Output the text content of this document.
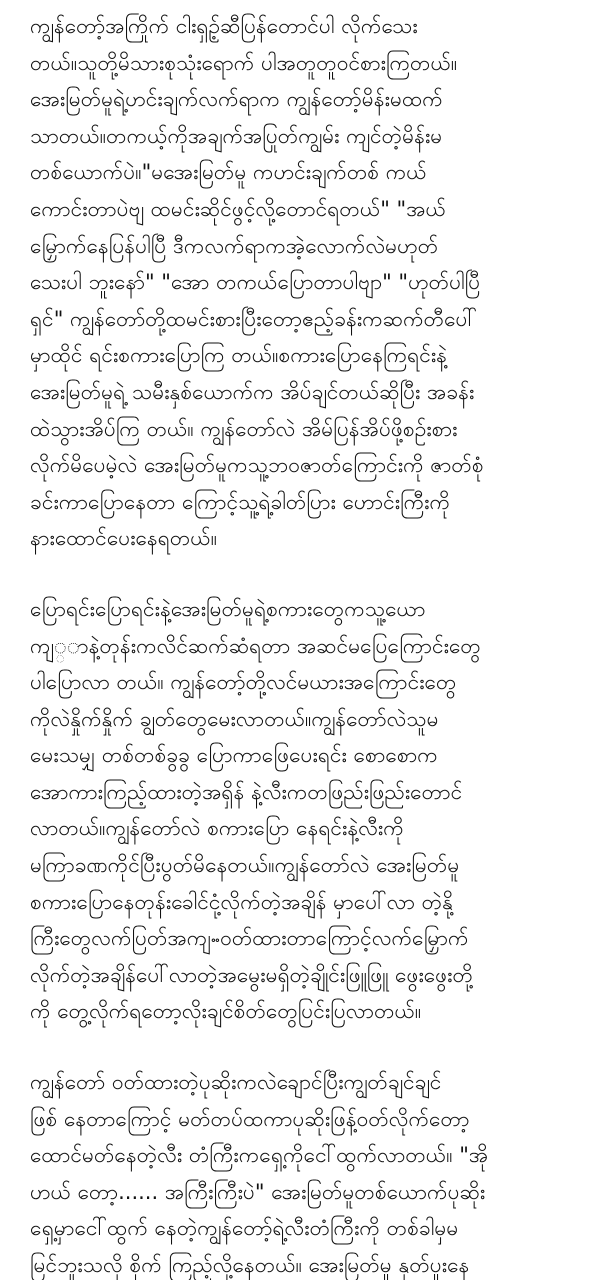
ကျွန်တော့်အကြိုက် ငါးရှဥ့်ဆီပြန်တောင်ပါ လိုက်သေး
တယ်။သူတို့မိသားစုသုံးရောက် ပါအတူတူဝင်စားကြတယ်။
အေးမြတ်မူရဲ့ဟင်းချက်လက်ရာက ကျွန်တော့်မိန်းမထက်
သာတယ်။တကယ့်ကိုအချက်အပြုတ်ကျွမ်း ကျင်တဲ့မိန်းမ
တစ်ယောက်ပဲ။"မအေးမြတ်မူ ကဟင်းချက်တစ် ကယ်
ကောင်းတာပဲဗျ ထမင်းဆိုင်ဖွင့်လို့တောင်ရတယ်" "အယ်
မြှောက်နေပြန်ပါပြီ ဒီကလက်ရာကအဲ့လောက်လဲမဟုတ်
သေးပါ ဘူးနော်" "အော တကယ်ပြောတာပါဗျာ" "ဟုတ်ပါပြီ
ရှင်" ကျွန်တော်တို့ထမင်းစားပြီးတော့ဧည့်ခန်းကဆက်တီပေါ်
မှာထိုင် ရင်းစကားပြောကြ တယ်။စကားပြောနေကြရင်းနဲ့
အေးမြတ်မူရဲ့ သမီးနှစ်ယောက်က အိပ်ချင်တယ်ဆိုပြီး အခန်း
ထဲသွားအိပ်ကြ တယ်။ ကျွန်တော်လဲ အိမ်ပြန်အိပ်ဖို့စဉ်းစား
လိုက်မိပေမဲ့လဲ အေးမြတ်မူကသူ့ဘဝဇာတ်ကြောင်းကို ဇာတ်စုံ
ခင်းကာပြောနေတာ ကြောင့်သူ့ရဲ့ခါတ်ပြား ဟောင်းကြီးကို
နားထောင်ပေးနေရတယ်။
ပြောရင်းပြောရင်းနဲ့အေးမြတ်မူရဲ့စကားတွေကသူ့ယော
ကျ္ာနဲ့တုန်းကလိင်ဆက်ဆံရတာ အဆင်မပြေကြောင်းတွေ
ပါပြောလာ တယ်။ ကျွန်တော့်တို့လင်မယားအကြောင်းတွေ
ကိုလဲနှိုက်နှိုက် ချွတ်တွေမေးလာတယ်။ကျွန်တော်လဲသူမ
မေးသမျှ တစ်တစ်ခွခွ ပြောကာဖြေပေးရင်း စောစောက
အောကားကြည့်ထားတဲ့အရှိန် နဲ့လီးကတဖြည်းဖြည်းတောင်
လာတယ်။ကျွန်တော်လဲ စကားပြော နေရင်းနဲ့လီးကို
မကြာခဏကိုင်ပြီးပွတ်မိနေတယ်။ကျွန်တော်လဲ အေးမြတ်မူ
စကားပြောနေတုန်းခေါင်ငုံ့လိုက်တဲ့အချိန် မှာပေါ်လာ တဲ့နို့
ကြီးတွေလက်ပြတ်အကျႌဝတ်ထားတာကြောင့်လက်မြှောက်
လိုက်တဲ့အချိန်ပေါ်လာတဲ့အမွေးမရှိတဲ့ချိုင်းဖြူဖြူ ဖွေးဖွေးတို့
ကို တွေ့လိုက်ရတော့လိုးချင်စိတ်တွေပြင်းပြလာတယ်။
ကျွန်တော် ဝတ်ထားတဲ့ပုဆိုးကလဲချောင်ပြီးကျွတ်ချင်ချင်
ဖြစ် နေတာကြောင့် မတ်တပ်ထကာပုဆိုးဖြန့်ဝတ်လိုက်တော့
ထောင်မတ်နေတဲ့လီး တံကြီးကရှေ့ကိုငေါ်ထွက်လာတယ်။ "အို
ဟယ် တော့...... အကြီးကြီးပဲ" အေးမြတ်မူတစ်ယောက်ပုဆိုး
ရှေ့မှာငေါ်ထွက် နေတဲ့ကျွန်တော့်ရဲ့လီးတံကြီးကို တစ်ခါမှမ
မြင်ဘူးသလို စိုက် ကြည့်လို့နေတယ်။ အေးမြတ်မူ နှတ်ပူးနေ
